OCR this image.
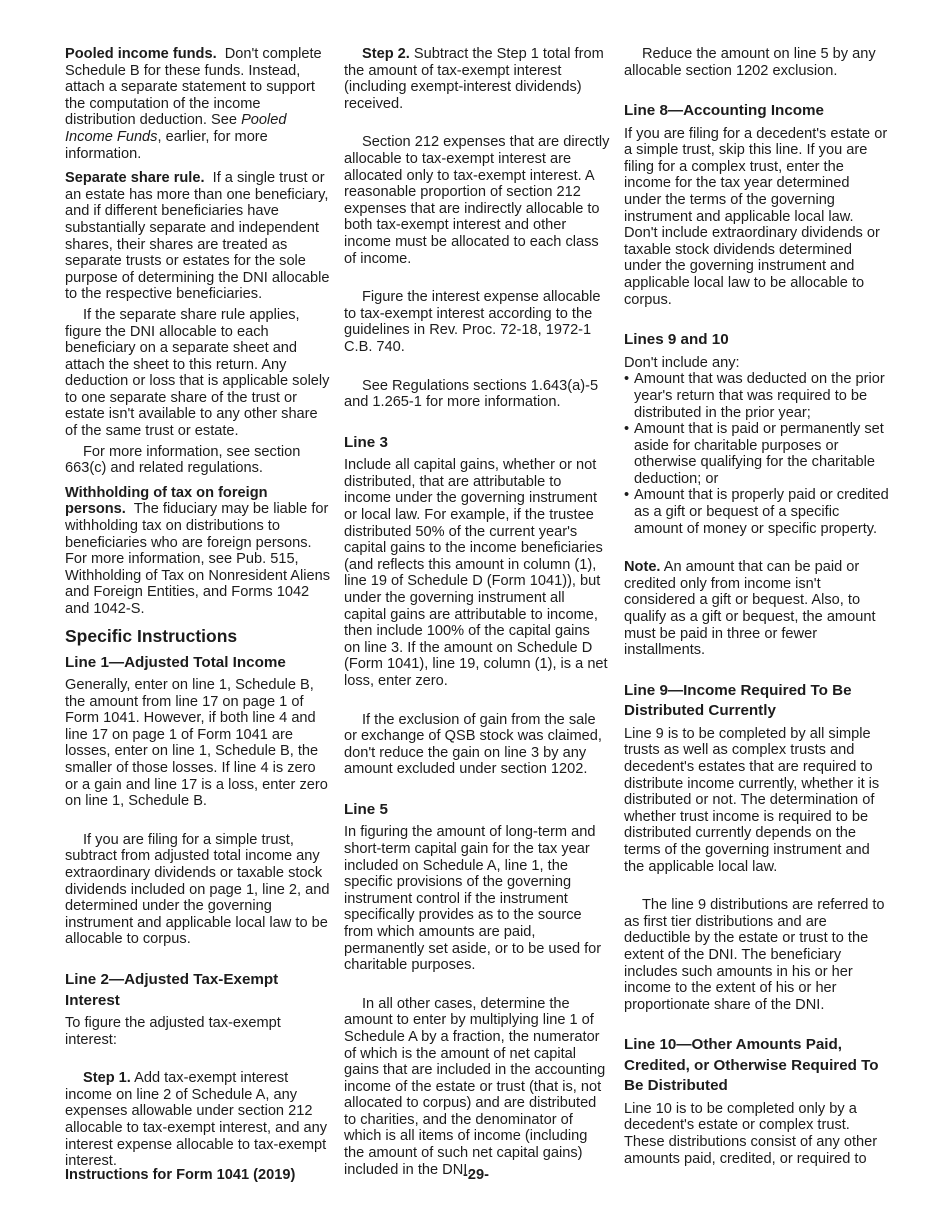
Pooled income funds. Don't complete Schedule B for these funds. Instead, attach a separate statement to support the computation of the income distribution deduction. See Pooled Income Funds, earlier, for more information.

Separate share rule. If a single trust or an estate has more than one beneficiary, and if different beneficiaries have substantially separate and independent shares, their shares are treated as separate trusts or estates for the sole purpose of determining the DNI allocable to the respective beneficiaries.

If the separate share rule applies, figure the DNI allocable to each beneficiary on a separate sheet and attach the sheet to this return. Any deduction or loss that is applicable solely to one separate share of the trust or estate isn't available to any other share of the same trust or estate.

For more information, see section 663(c) and related regulations.

Withholding of tax on foreign persons. The fiduciary may be liable for withholding tax on distributions to beneficiaries who are foreign persons. For more information, see Pub. 515, Withholding of Tax on Nonresident Aliens and Foreign Entities, and Forms 1042 and 1042-S.

Specific Instructions
Line 1—Adjusted Total Income

Generally, enter on line 1, Schedule B, the amount from line 17 on page 1 of Form 1041. However, if both line 4 and line 17 on page 1 of Form 1041 are losses, enter on line 1, Schedule B, the smaller of those losses. If line 4 is zero or a gain and line 17 is a loss, enter zero on line 1, Schedule B.

If you are filing for a simple trust, subtract from adjusted total income any extraordinary dividends or taxable stock dividends included on page 1, line 2, and determined under the governing instrument and applicable local law to be allocable to corpus.

Line 2—Adjusted Tax-Exempt Interest

To figure the adjusted tax-exempt interest:

Step 1. Add tax-exempt interest income on line 2 of Schedule A, any expenses allowable under section 212 allocable to tax-exempt interest, and any interest expense allocable to tax-exempt interest.

Step 2. Subtract the Step 1 total from the amount of tax-exempt interest (including exempt-interest dividends) received.

Section 212 expenses that are directly allocable to tax-exempt interest are allocated only to tax-exempt interest. A reasonable proportion of section 212 expenses that are indirectly allocable to both tax-exempt interest and other income must be allocated to each class of income.

Figure the interest expense allocable to tax-exempt interest according to the guidelines in Rev. Proc. 72-18, 1972-1 C.B. 740.

See Regulations sections 1.643(a)-5 and 1.265-1 for more information.

Line 3

Include all capital gains, whether or not distributed, that are attributable to income under the governing instrument or local law. For example, if the trustee distributed 50% of the current year's capital gains to the income beneficiaries (and reflects this amount in column (1), line 19 of Schedule D (Form 1041)), but under the governing instrument all capital gains are attributable to income, then include 100% of the capital gains on line 3. If the amount on Schedule D (Form 1041), line 19, column (1), is a net loss, enter zero.

If the exclusion of gain from the sale or exchange of QSB stock was claimed, don't reduce the gain on line 3 by any amount excluded under section 1202.

Line 5

In figuring the amount of long-term and short-term capital gain for the tax year included on Schedule A, line 1, the specific provisions of the governing instrument control if the instrument specifically provides as to the source from which amounts are paid, permanently set aside, or to be used for charitable purposes.

In all other cases, determine the amount to enter by multiplying line 1 of Schedule A by a fraction, the numerator of which is the amount of net capital gains that are included in the accounting income of the estate or trust (that is, not allocated to corpus) and are distributed to charities, and the denominator of which is all items of income (including the amount of such net capital gains) included in the DNI.

Reduce the amount on line 5 by any allocable section 1202 exclusion.

Line 8—Accounting Income

If you are filing for a decedent's estate or a simple trust, skip this line. If you are filing for a complex trust, enter the income for the tax year determined under the terms of the governing instrument and applicable local law. Don't include extraordinary dividends or taxable stock dividends determined under the governing instrument and applicable local law to be allocable to corpus.

Lines 9 and 10

Don't include any:

• Amount that was deducted on the prior year's return that was required to be distributed in the prior year;

• Amount that is paid or permanently set aside for charitable purposes or otherwise qualifying for the charitable deduction; or

• Amount that is properly paid or credited as a gift or bequest of a specific amount of money or specific property.

Note. An amount that can be paid or credited only from income isn't considered a gift or bequest. Also, to qualify as a gift or bequest, the amount must be paid in three or fewer installments.

Line 9—Income Required To Be Distributed Currently

Line 9 is to be completed by all simple trusts as well as complex trusts and decedent's estates that are required to distribute income currently, whether it is distributed or not. The determination of whether trust income is required to be distributed currently depends on the terms of the governing instrument and the applicable local law.

The line 9 distributions are referred to as first tier distributions and are deductible by the estate or trust to the extent of the DNI. The beneficiary includes such amounts in his or her income to the extent of his or her proportionate share of the DNI.

Line 10—Other Amounts Paid, Credited, or Otherwise Required To Be Distributed

Line 10 is to be completed only by a decedent's estate or complex trust. These distributions consist of any other amounts paid, credited, or required to

Instructions for Form 1041 (2019)	-29-
